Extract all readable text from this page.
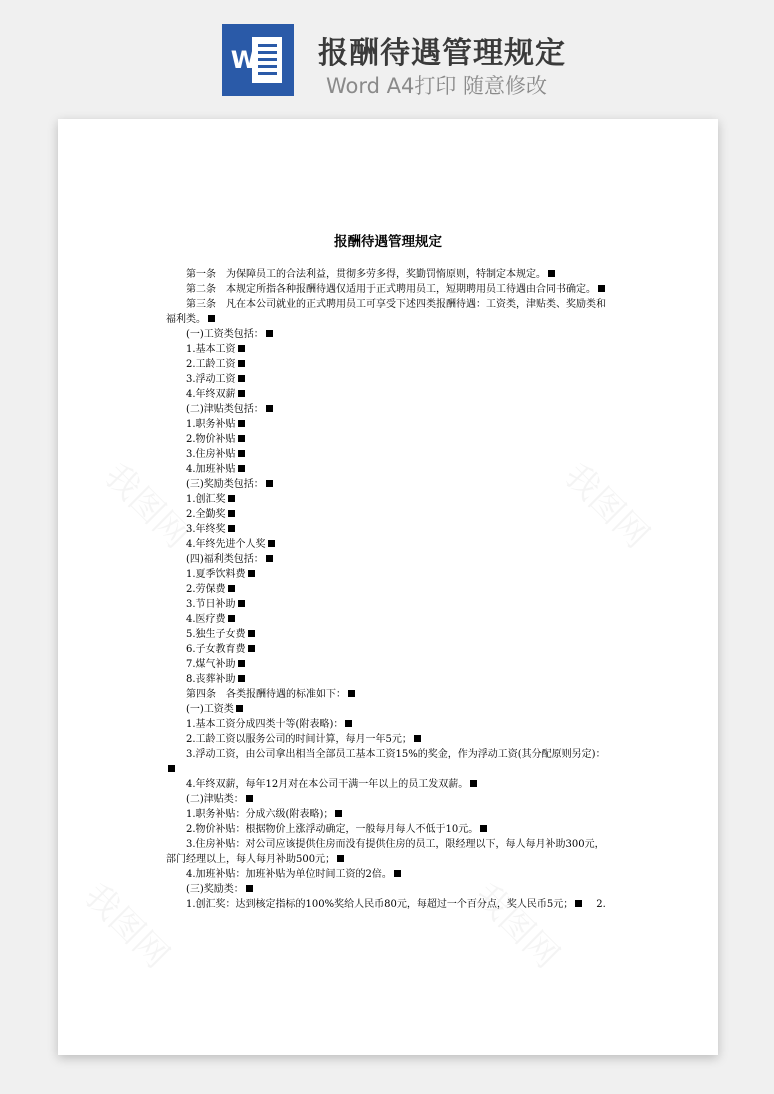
W 报酬待遇管理规定
Word A4打印 随意修改
报酬待遇管理规定
第一条　为保障员工的合法利益，贯彻多劳多得，奖勤罚惰原则，特制定本规定。
第二条　本规定所指各种报酬待遇仅适用于正式聘用员工，短期聘用员工待遇由合同书确定。
第三条　凡在本公司就业的正式聘用员工可享受下述四类报酬待遇：工资类，津贴类、奖励类和福利类。
(一)工资类包括：
1.基本工资
2.工龄工资
3.浮动工资
4.年终双薪
(二)津贴类包括：
1.职务补贴
2.物价补贴
3.住房补贴
4.加班补贴
(三)奖励类包括：
1.创汇奖
2.全勤奖
3.年终奖
4.年终先进个人奖
(四)福利类包括：
1.夏季饮料费
2.劳保费
3.节日补助
4.医疗费
5.独生子女费
6.子女教育费
7.煤气补助
8.丧葬补助
第四条　各类报酬待遇的标准如下：
(一)工资类
1.基本工资分成四类十等(附表略)：
2.工龄工资以服务公司的时间计算，每月一年5元；
3.浮动工资，由公司拿出相当全部员工基本工资15%的奖金，作为浮动工资(其分配原则另定)：
4.年终双薪，每年12月对在本公司干满一年以上的员工发双薪。
(二)津贴类：
1.职务补贴：分成六级(附表略)；
2.物价补贴：根据物价上涨浮动确定，一般每月每人不低于10元。
3.住房补贴：对公司应该提供住房而没有提供住房的员工，限经理以下，每人每月补助300元，部门经理以上，每人每月补助500元；
4.加班补贴：加班补贴为单位时间工资的2倍。
(三)奖励类：
1.创汇奖：达到核定指标的100%奖给人民币80元，每超过一个百分点，奖人民币5元； 2.
